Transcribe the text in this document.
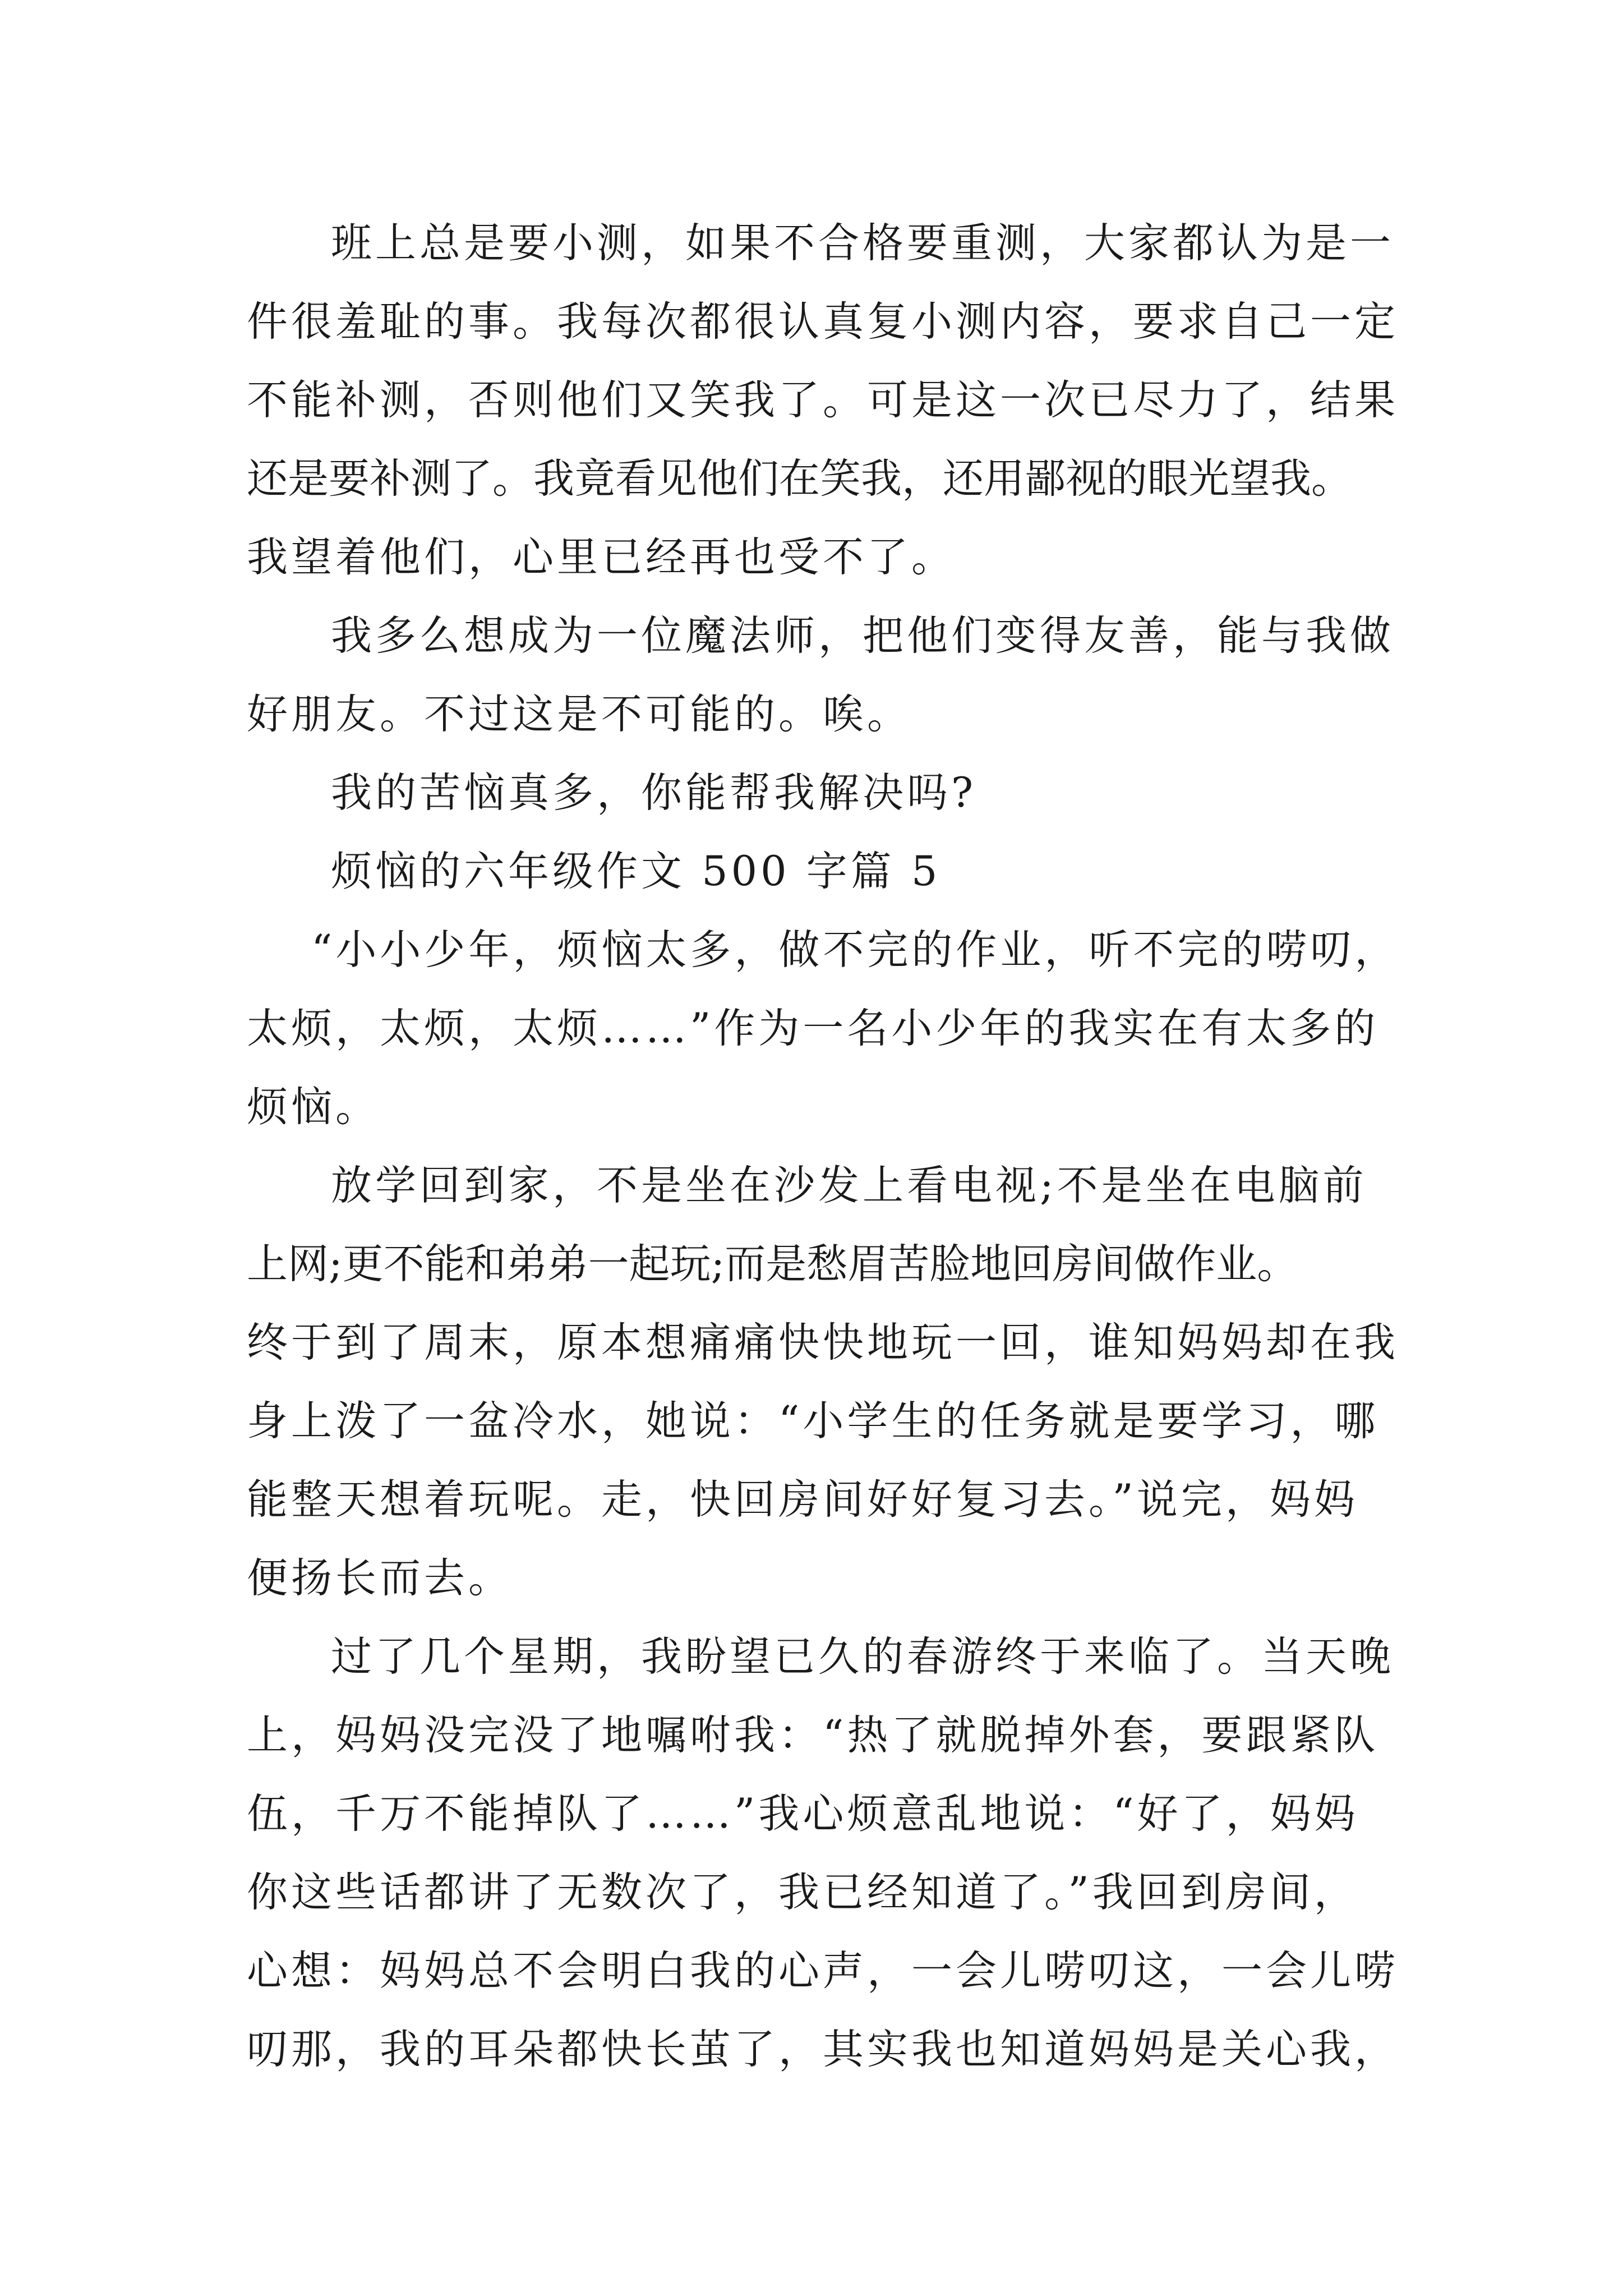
班上总是要小测，如果不合格要重测，大家都认为是一
件很羞耻的事。我每次都很认真复小测内容，要求自己一定
不能补测，否则他们又笑我了。可是这一次已尽力了，结果
还是要补测了。我竟看见他们在笑我，还用鄙视的眼光望我。
我望着他们，心里已经再也受不了。
我多么想成为一位魔法师，把他们变得友善，能与我做
好朋友。不过这是不可能的。唉。
我的苦恼真多，你能帮我解决吗?
烦恼的六年级作文 500 字篇 5
“小小少年，烦恼太多，做不完的作业，听不完的唠叨，
太烦，太烦，太烦……”作为一名小少年的我实在有太多的
烦恼。
放学回到家，不是坐在沙发上看电视;不是坐在电脑前
上网;更不能和弟弟一起玩;而是愁眉苦脸地回房间做作业。
终于到了周末，原本想痛痛快快地玩一回，谁知妈妈却在我
身上泼了一盆冷水，她说：“小学生的任务就是要学习，哪
能整天想着玩呢。走，快回房间好好复习去。”说完，妈妈
便扬长而去。
过了几个星期，我盼望已久的春游终于来临了。当天晚
上，妈妈没完没了地嘱咐我：“热了就脱掉外套，要跟紧队
伍，千万不能掉队了……”我心烦意乱地说：“好了，妈妈
你这些话都讲了无数次了，我已经知道了。”我回到房间，
心想：妈妈总不会明白我的心声，一会儿唠叨这，一会儿唠
叨那，我的耳朵都快长茧了，其实我也知道妈妈是关心我，
